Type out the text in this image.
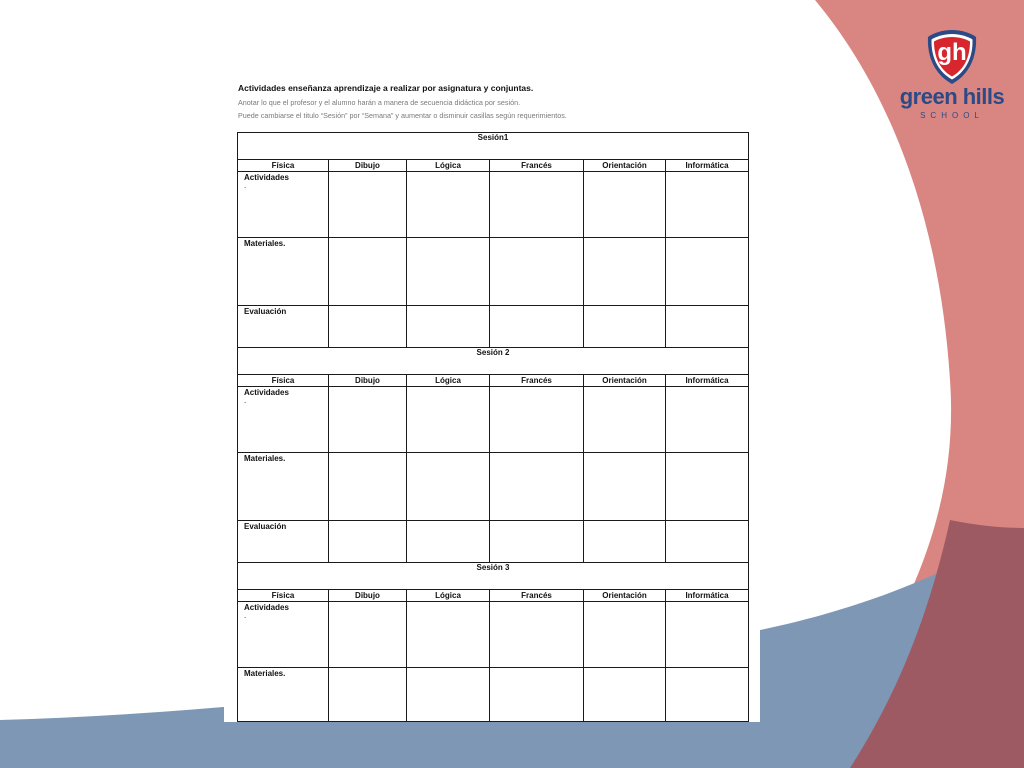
gh
green hills
SCHOOL
Actividades enseñanza aprendizaje a realizar por asignatura y conjuntas.
Anotar lo que el profesor y el alumno harán a manera de secuencia didáctica por sesión.
Puede cambiarse el titulo “Sesión” por “Semana” y aumentar o disminuir casillas según requerimientos.
Sesión1					
Física	Dibujo	Lógica	Francés	Orientación	Informática
Actividades
.					

Materiales.					
Evaluación					
Sesión 2					
Física	Dibujo	Lógica	Francés	Orientación	Informática
Actividades
.					

Materiales.					
Evaluación					
Sesión 3					
Física	Dibujo	Lógica	Francés	Orientación	Informática
Actividades
.					

Materiales.					
